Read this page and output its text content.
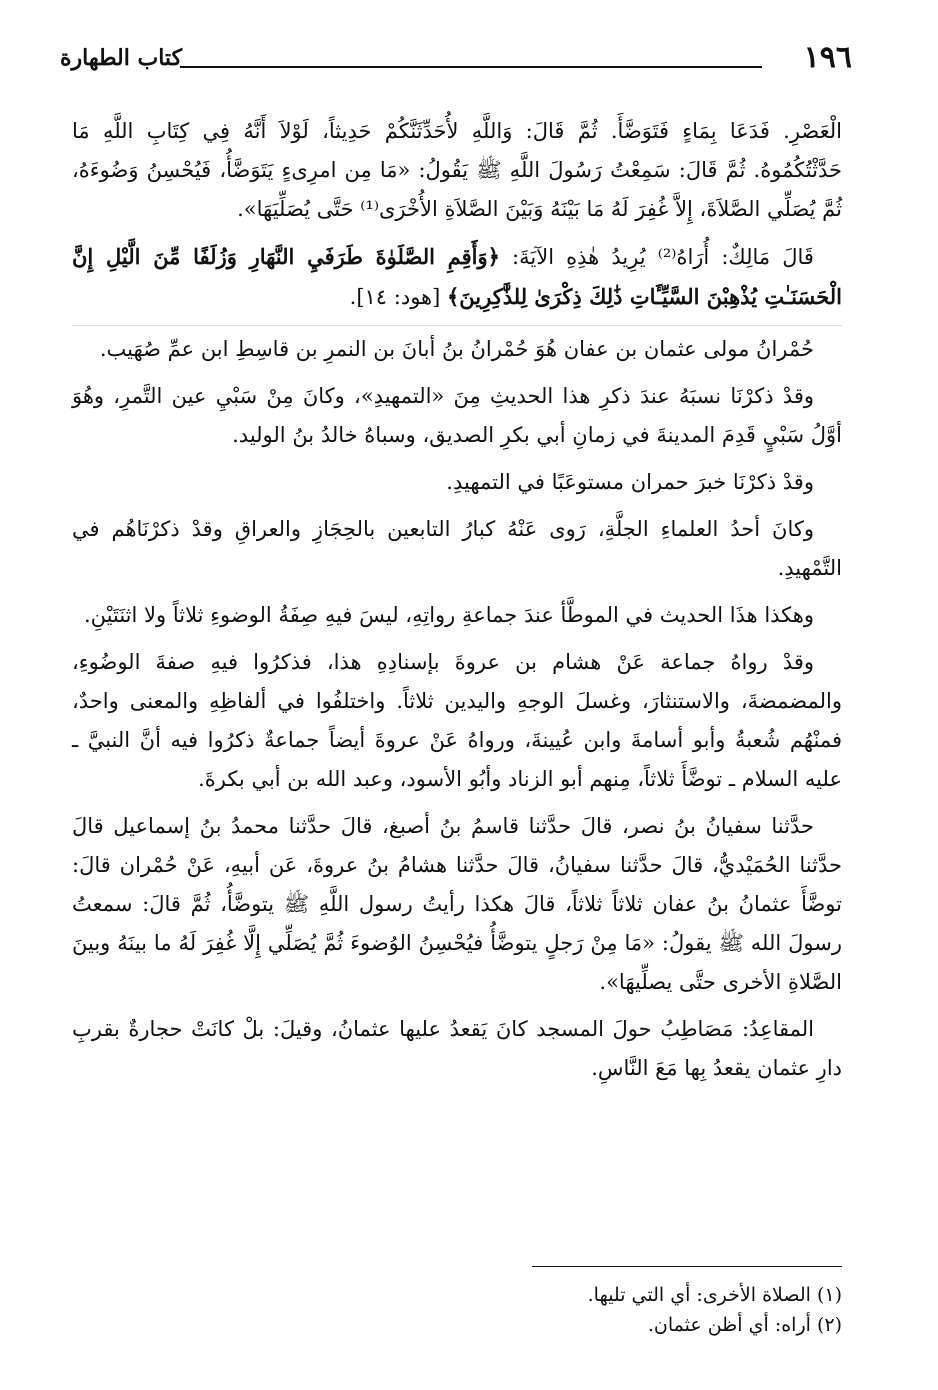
١٩٦
كتاب الطهارة

الْعَصْرِ. فَدَعَا بِمَاءٍ فَتَوَضَّأَ. ثُمَّ قَالَ: وَاللَّهِ لأُحَدِّثَنَّكُمْ حَدِيثاً، لَوْلاَ أَنَّهُ فِي كِتَابِ اللَّهِ مَا حَدَّثْتُكُمُوهُ. ثُمَّ قَالَ: سَمِعْتُ رَسُولَ اللَّهِ ﷺ يَقُولُ: «مَا مِن امرِىءٍ يَتَوَضَّأُ، فَيُحْسِنُ وَضُوءَهُ، ثُمَّ يُصَلِّي الصَّلاَةَ، إِلاَّ غُفِرَ لَهُ مَا بَيْنَهُ وَبَيْنَ الصَّلاَةِ الأُخْرَى⁽¹⁾ حَتَّى يُصَلِّيَهَا».

قَالَ مَالِكٌ: أُرَاهُ⁽²⁾ يُرِيدُ هٰذِهِ الآيَةَ: ﴿وَأَقِمِ الصَّلَوٰةَ طَرَفَيِ النَّهَارِ وَزُلَفًا مِّنَ الَّيْلِ إِنَّ الْحَسَنَـٰتِ يُذْهِبْنَ السَّيِّـَٔاتِ ذَٰلِكَ ذِكْرَىٰ لِلذَّٰكِرِينَ﴾ [هود: ١٤].

حُمْرانُ مولى عثمان بن عفان هُوَ حُمْرانُ بنُ أبانَ بن النمرِ بن قاسِطِ ابن عمِّ صُهَيب.

وقدْ ذكرْنَا نسبَهُ عندَ ذكرِ هذا الحديثِ مِنَ «التمهيدِ»، وكانَ مِنْ سَبْيِ عين التَّمرِ، وهُوَ أوَّلُ سَبْيٍ قَدِمَ المدينةَ في زمانِ أبي بكرِ الصديق، وسباهُ خالدُ بنُ الوليد.

وقدْ ذكرْنَا خبرَ حمران مستوعَبًا في التمهيدِ.

وكانَ أحدُ العلماءِ الجلَّةِ، رَوى عَنْهُ كبارُ التابعين بالحِجَازِ والعراقِ وقدْ ذكرْنَاهُم في التَّمْهيدِ.

وهكذا هذَا الحديث في الموطَّأ عندَ جماعةِ رواتِهِ، ليسَ فيهِ صِفَةُ الوضوءِ ثلاثاً ولا اثنَتَيْنِ.

وقدْ رواهُ جماعة عَنْ هشام بن عروةَ بإسنادِهِ هذا، فذكرُوا فيهِ صفةَ الوضُوءِ، والمضمضةَ، والاستنثارَ، وغسلَ الوجهِ واليدين ثلاثاً. واختلفُوا في ألفاظِهِ والمعنى واحدٌ، فمنْهُم شُعبةُ وأبو أسامةَ وابن عُيينةَ، ورواهُ عَنْ عروةَ أيضاً جماعةٌ ذكرُوا فيه أنَّ النبيَّ ـ عليه السلام ـ توضَّأَ ثلاثاً، مِنهم أبو الزناد وأبُو الأسود، وعبد الله بن أبي بكرةَ.

حدَّثنا سفيانُ بنُ نصر، قالَ حدَّثنا قاسمُ بنُ أصبغ، قالَ حدَّثنا محمدُ بنُ إسماعيل قالَ حدَّثنا الحُمَيْديُّ، قالَ حدَّثنا سفيانُ، قالَ حدَّثنا هشامُ بنُ عروةَ، عَن أبيهِ، عَنْ حُمْران قالَ: توضَّأَ عثمانُ بنُ عفان ثلاثاً ثلاثاً، قالَ هكذا رأيتُ رسول اللَّهِ ﷺ يتوضَّأُ، ثُمَّ قالَ: سمعتُ رسولَ الله ﷺ يقولُ: «مَا مِنْ رَجلٍ يتوضَّأُ فيُحْسِنُ الوُضوءَ ثُمَّ يُصَلِّي إِلَّا غُفِرَ لَهُ ما بينَهُ وبينَ الصَّلاةِ الأخرى حتَّى يصلِّيهَا».

المقاعِدُ: مَصَاطِبُ حولَ المسجد كانَ يَقعدُ عليها عثمانُ، وقيلَ: بلْ كانَتْ حجارةٌ بقربِ دارِ عثمان يقعدُ بِها مَعَ النَّاسِ.

(١) الصلاة الأخرى: أي التي تليها.
(٢) أراه: أي أظن عثمان.
